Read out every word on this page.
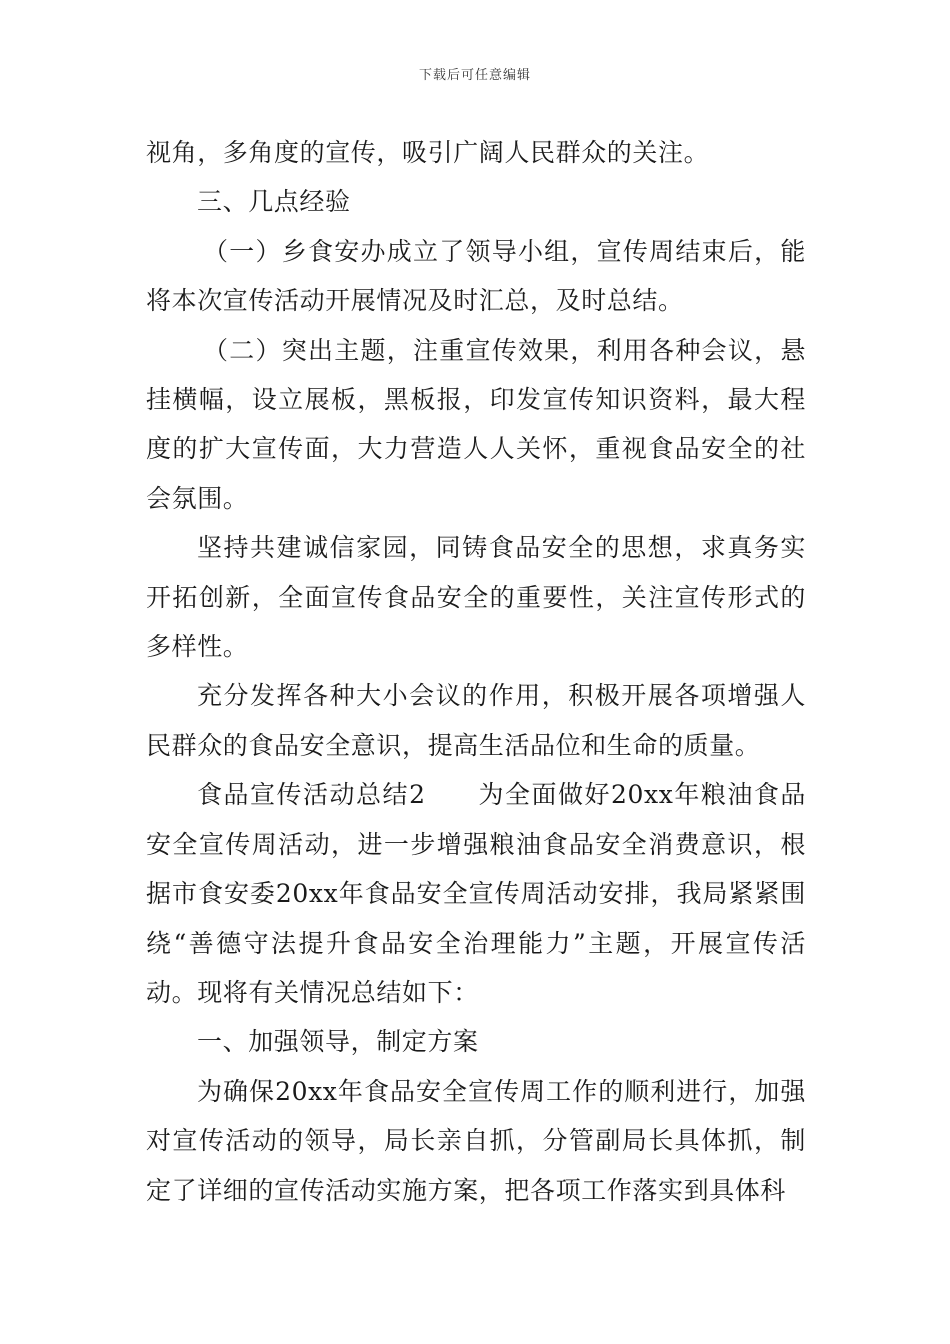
下载后可任意编辑

视角，多角度的宣传，吸引广阔人民群众的关注。

三、几点经验

（一）乡食安办成立了领导小组，宣传周结束后，能将本次宣传活动开展情况及时汇总，及时总结。

（二）突出主题，注重宣传效果，利用各种会议，悬挂横幅，设立展板，黑板报，印发宣传知识资料，最大程度的扩大宣传面，大力营造人人关怀，重视食品安全的社会氛围。

坚持共建诚信家园，同铸食品安全的思想，求真务实开拓创新，全面宣传食品安全的重要性，关注宣传形式的多样性。

充分发挥各种大小会议的作用，积极开展各项增强人民群众的食品安全意识，提高生活品位和生命的质量。

食品宣传活动总结2 为全面做好20xx年粮油食品安全宣传周活动，进一步增强粮油食品安全消费意识，根据市食安委20xx年食品安全宣传周活动安排，我局紧紧围绕“善德守法提升食品安全治理能力”主题，开展宣传活动。现将有关情况总结如下：

一、加强领导，制定方案

为确保20xx年食品安全宣传周工作的顺利进行，加强对宣传活动的领导，局长亲自抓，分管副局长具体抓，制定了详细的宣传活动实施方案，把各项工作落实到具体科
